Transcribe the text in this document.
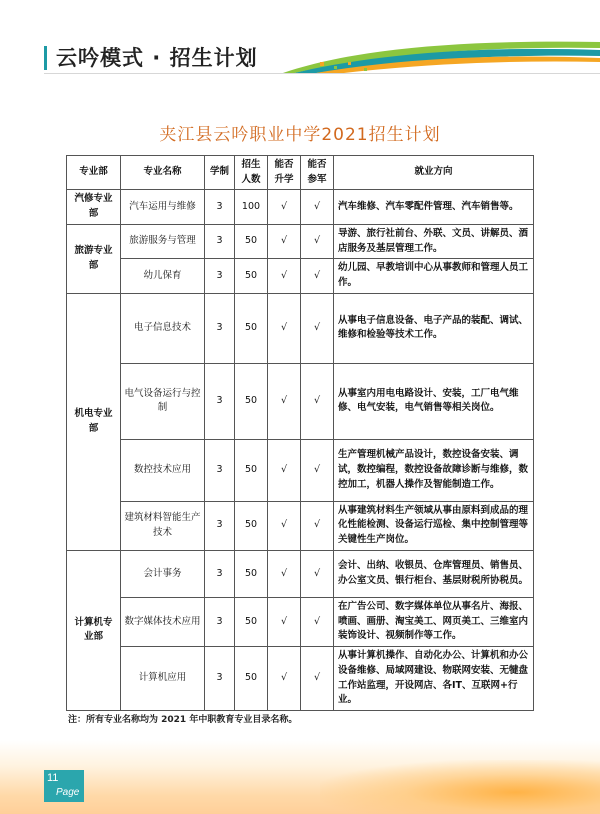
云吟模式 · 招生计划
夹江县云吟职业中学2021招生计划
专业部	专业名称	学制	招生人数	能否升学	能否参军	就业方向
汽修专业部	汽车运用与维修	3	100	√	√	汽车维修、汽车零配件管理、汽车销售等。
旅游专业部	旅游服务与管理	3	50	√	√	导游、旅行社前台、外联、文员、讲解员、酒店服务及基层管理工作。
	幼儿保育	3	50	√	√	幼儿园、早教培训中心从事教师和管理人员工作。
机电专业部	电子信息技术	3	50	√	√	从事电子信息设备、电子产品的装配、调试、维修和检验等技术工作。
	电气设备运行与控制	3	50	√	√	从事室内用电电路设计、安装，工厂电气维修、电气安装，电气销售等相关岗位。
	数控技术应用	3	50	√	√	生产管理机械产品设计，数控设备安装、调试，数控编程，数控设备故障诊断与维修，数控加工，机器人操作及智能制造工作。
	建筑材料智能生产技术	3	50	√	√	从事建筑材料生产领域从事由原料到成品的理化性能检测、设备运行巡检、集中控制管理等关键性生产岗位。
计算机专业部	会计事务	3	50	√	√	会计、出纳、收银员、仓库管理员、销售员、办公室文员、银行柜台、基层财税所协税员。
	数字媒体技术应用	3	50	√	√	在广告公司、数字媒体单位从事名片、海报、喷画、画册、淘宝美工、网页美工、三维室内装饰设计、视频制作等工作。
	计算机应用	3	50	√	√	从事计算机操作、自动化办公、计算机和办公设备维修、局域网建设、物联网安装、无犍盘工作站监理，开设网店、各IT、互联网+行业。
注：所有专业名称均为 2021 年中职教育专业目录名称。
11
Page
